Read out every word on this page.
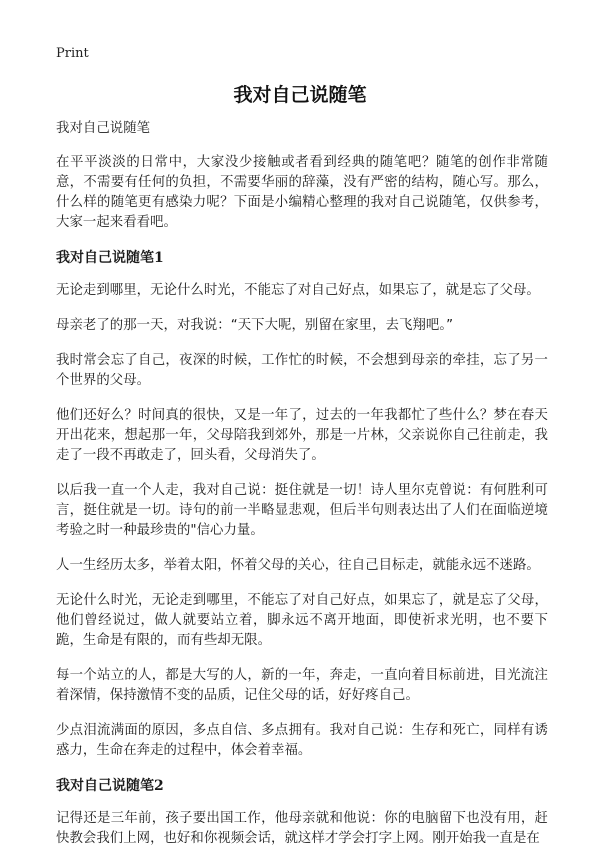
Print
我对自己说随笔

我对自己说随笔

在平平淡淡的日常中，大家没少接触或者看到经典的随笔吧？随笔的创作非常随意，不需要有任何的负担，不需要华丽的辞藻，没有严密的结构，随心写。那么，什么样的随笔更有感染力呢？下面是小编精心整理的我对自己说随笔，仅供参考，大家一起来看看吧。

我对自己说随笔1

无论走到哪里，无论什么时光，不能忘了对自己好点，如果忘了，就是忘了父母。

母亲老了的那一天，对我说：“天下大呢，别留在家里，去飞翔吧。”

我时常会忘了自己，夜深的时候，工作忙的时候，不会想到母亲的牵挂，忘了另一个世界的父母。

他们还好么？时间真的很快，又是一年了，过去的一年我都忙了些什么？梦在春天开出花来，想起那一年，父母陪我到郊外，那是一片林，父亲说你自己往前走，我走了一段不再敢走了，回头看，父母消失了。

以后我一直一个人走，我对自己说：挺住就是一切！诗人里尔克曾说：有何胜利可言，挺住就是一切。诗句的前一半略显悲观，但后半句则表达出了人们在面临逆境考验之时一种最珍贵的"信心力量。

人一生经历太多，举着太阳，怀着父母的关心，往自己目标走，就能永远不迷路。

无论什么时光，无论走到哪里，不能忘了对自己好点，如果忘了，就是忘了父母，他们曾经说过，做人就要站立着，脚永远不离开地面，即使祈求光明，也不要下跪，生命是有限的，而有些却无限。

每一个站立的人，都是大写的人，新的一年，奔走，一直向着目标前进，目光流注着深情，保持激情不变的品质，记住父母的话，好好疼自己。

少点泪流满面的原因，多点自信、多点拥有。我对自己说：生存和死亡，同样有诱惑力，生命在奔走的过程中，体会着幸福。

我对自己说随笔2

记得还是三年前，孩子要出国工作，他母亲就和他说：你的电脑留下也没有用，赶快教会我们上网，也好和你视频会话，就这样才学会打字上网。刚开始我一直是在
